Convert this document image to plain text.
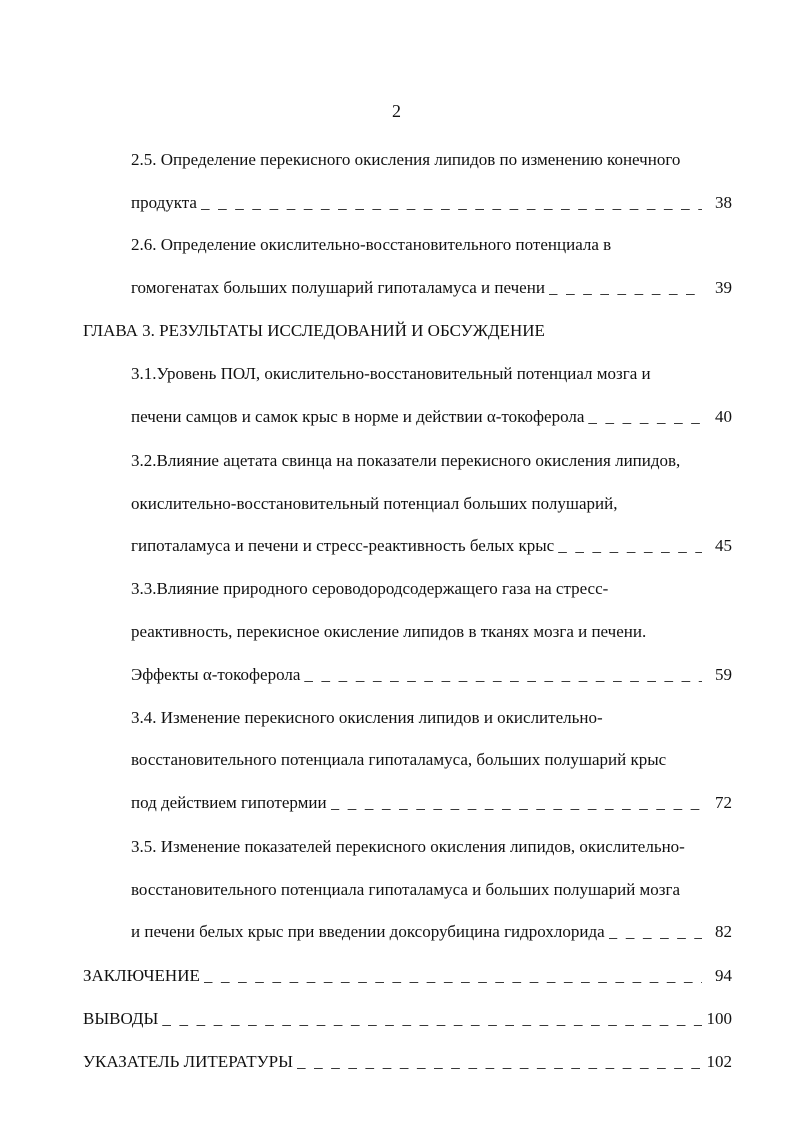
2
2.5. Определение перекисного окисления липидов по изменению конечного
продукта _ _ _	38
2.6. Определение окислительно-восстановительного потенциала в
гомогенатах больших полушарий гипоталамуса и печени _ _ _	39
ГЛАВА 3. РЕЗУЛЬТАТЫ ИССЛЕДОВАНИЙ И ОБСУЖДЕНИЕ
3.1.Уровень ПОЛ, окислительно-восстановительный потенциал мозга и
печени самцов и самок крыс в норме и действии α-токоферола _ _ _	40
3.2.Влияние ацетата свинца на показатели перекисного окисления липидов,
окислительно-восстановительный потенциал больших полушарий,
гипоталамуса и печени и стресс-реактивность белых крыс _ _ _	45
3.3.Влияние природного сероводородсодержащего газа на стресс-
реактивность, перекисное окисление липидов в тканях мозга и печени.
Эффекты α-токоферола _ _ _	59
3.4. Изменение перекисного окисления липидов и окислительно-
восстановительного потенциала гипоталамуса, больших полушарий крыс
под действием гипотермии _ _ _	72
3.5. Изменение показателей перекисного окисления липидов, окислительно-
восстановительного потенциала гипоталамуса и больших полушарий мозга
и печени белых крыс при введении доксорубицина гидрохлорида _ _ _	82
ЗАКЛЮЧЕНИЕ _ _ _	94
ВЫВОДЫ _ _ _	100
УКАЗАТЕЛЬ ЛИТЕРАТУРЫ _ _ _	102
